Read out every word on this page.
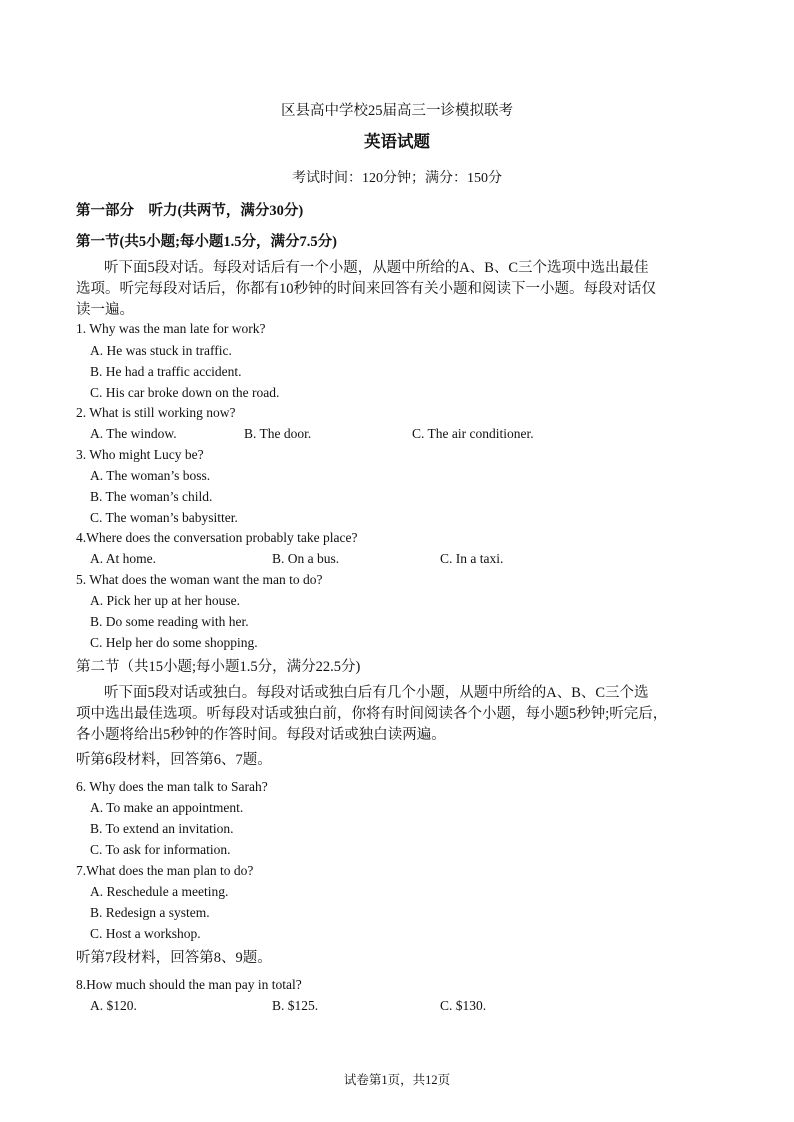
区县高中学校25届高三一诊模拟联考
英语试题
考试时间：120分钟；满分：150分
第一部分　听力(共两节，满分30分)
第一节(共5小题;每小题1.5分，满分7.5分)
听下面5段对话。每段对话后有一个小题，从题中所给的A、B、C三个选项中选出最佳
选项。听完每段对话后，你都有10秒钟的时间来回答有关小题和阅读下一小题。每段对话仅
读一遍。
1. Why was the man late for work?
A. He was stuck in traffic.
B. He had a traffic accident.
C. His car broke down on the road.
2. What is still working now?
A. The window.	B. The door.	C. The air conditioner.
3. Who might Lucy be?
A. The woman’s boss.
B. The woman’s child.
C. The woman’s babysitter.
4.Where does the conversation probably take place?
A. At home.	B. On a bus.	C. In a taxi.
5. What does the woman want the man to do?
A. Pick her up at her house.
B. Do some reading with her.
C. Help her do some shopping.
第二节（共15小题;每小题1.5分，满分22.5分)
听下面5段对话或独白。每段对话或独白后有几个小题，从题中所给的A、B、C三个选
项中选出最佳选项。听每段对话或独白前，你将有时间阅读各个小题，每小题5秒钟;听完后，
各小题将给出5秒钟的作答时间。每段对话或独白读两遍。
听第6段材料，回答第6、7题。
6. Why does the man talk to Sarah?
A. To make an appointment.
B. To extend an invitation.
C. To ask for information.
7.What does the man plan to do?
A. Reschedule a meeting.
B. Redesign a system.
C. Host a workshop.
听第7段材料，回答第8、9题。
8.How much should the man pay in total?
A. $120.	B. $125.	C. $130.
试卷第1页，共12页
